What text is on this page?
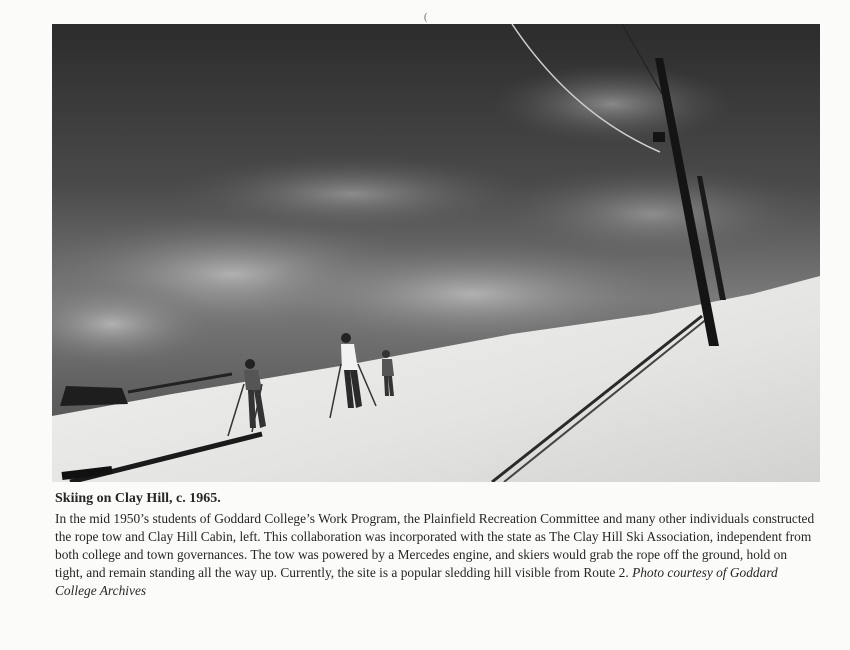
(
Skiing on Clay Hill, c. 1965.
In the mid 1950’s students of Goddard College’s Work Program, the Plainfield Recreation Committee and many other individuals constructed the rope tow and Clay Hill Cabin, left. This collaboration was incorporated with the state as The Clay Hill Ski Association, independent from both college and town governances. The tow was powered by a Mercedes engine, and skiers would grab the rope off the ground, hold on tight, and remain standing all the way up. Currently, the site is a popular sledding hill visible from Route 2. Photo courtesy of Goddard College Archives
